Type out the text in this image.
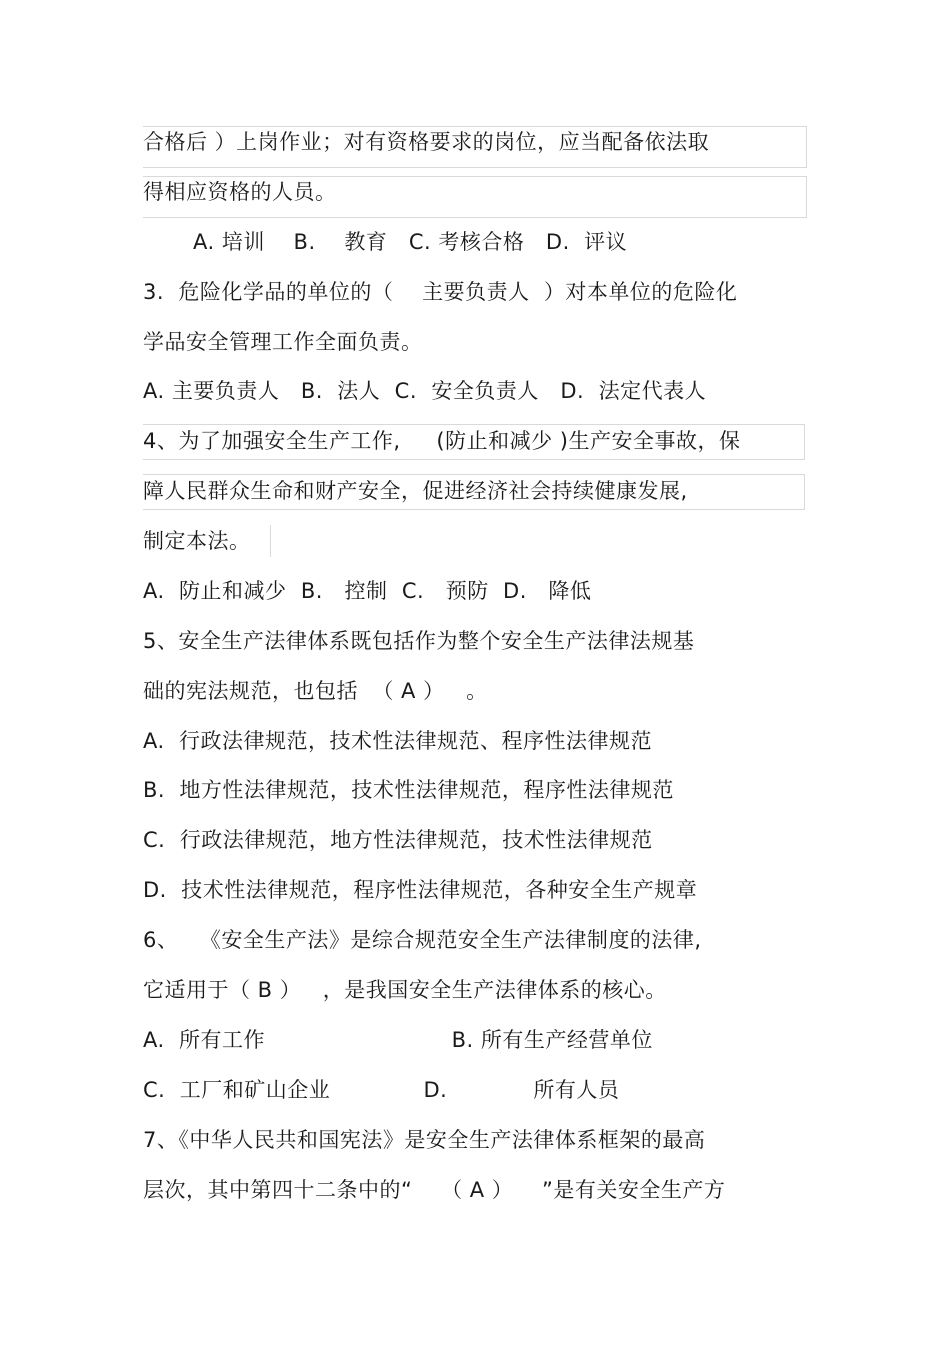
合格后 ）上岗作业；对有资格要求的岗位，应当配备依法取
得相应资格的人员。
A. 培训    B.    教育   C. 考核合格   D.  评议
3.  危险化学品的单位的（    主要负责人  ）对本单位的危险化
学品安全管理工作全面负责。
A. 主要负责人   B.  法人  C.  安全负责人   D.  法定代表人
4、为了加强安全生产工作,     (防止和减少 )生产安全事故，保
障人民群众生命和财产安全，促进经济社会持续健康发展,
制定本法。
A.  防止和减少  B.   控制  C.   预防  D.   降低
5、安全生产法律体系既包括作为整个安全生产法律法规基
础的宪法规范，也包括  （ A ）   。
A.  行政法律规范，技术性法律规范、程序性法律规范
B.  地方性法律规范，技术性法律规范，程序性法律规范
C.  行政法律规范，地方性法律规范，技术性法律规范
D.  技术性法律规范，程序性法律规范，各种安全生产规章
6、   《安全生产法》是综合规范安全生产法律制度的法律,
它适用于（ B ）   ，是我国安全生产法律体系的核心。
A.  所有工作                          B. 所有生产经营单位
C.  工厂和矿山企业             D.            所有人员
7、《中华人民共和国宪法》是安全生产法律体系框架的最高
层次，其中第四十二条中的“    （ A ）    ”是有关安全生产方
